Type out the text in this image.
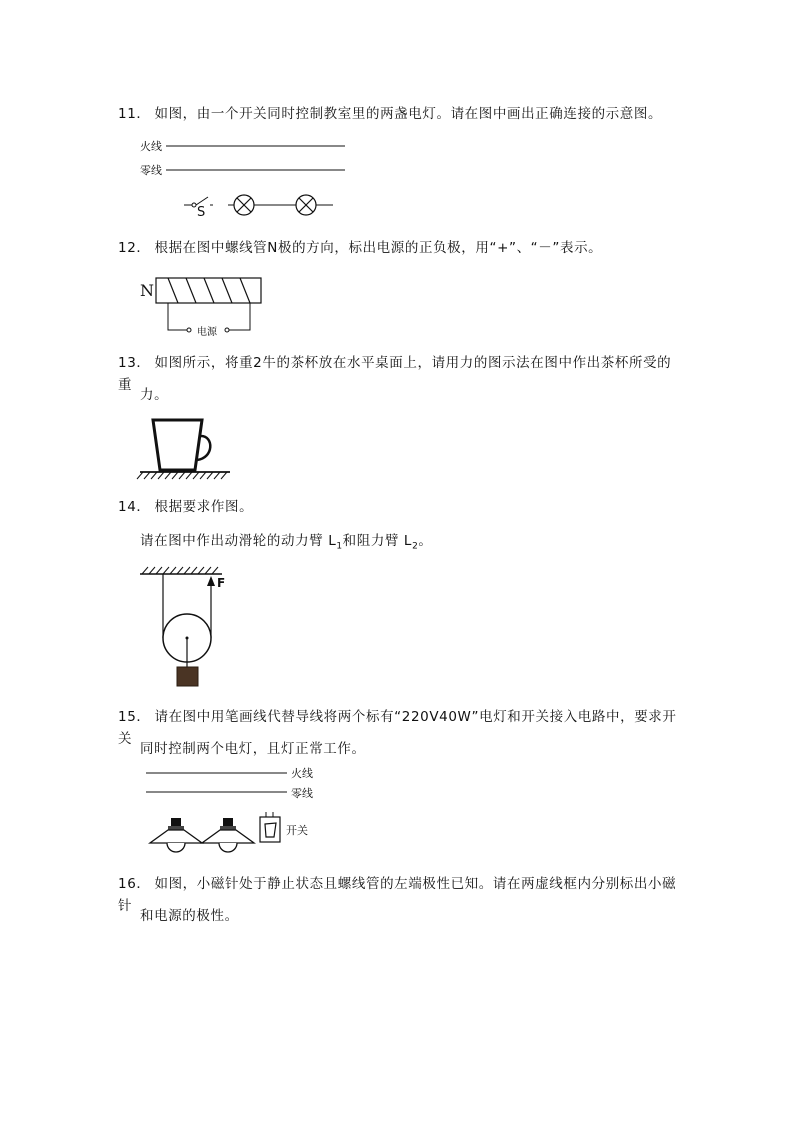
11． 如图，由一个开关同时控制教室里的两盏电灯。请在图中画出正确连接的示意图。
火线
零线
S
12． 根据在图中螺线管N极的方向，标出电源的正负极，用“+”、“－”表示。
N
电源
13． 如图所示，将重2牛的茶杯放在水平桌面上，请用力的图示法在图中作出茶杯所受的重
力。
14． 根据要求作图。
请在图中作出动滑轮的动力臂 $L_1$和阻力臂 $L_2$。
F
15． 请在图中用笔画线代替导线将两个标有“220V40W”电灯和开关接入电路中，要求开关
同时控制两个电灯，且灯正常工作。
火线
零线
开关
16． 如图，小磁针处于静止状态且螺线管的左端极性已知。请在两虚线框内分别标出小磁针
和电源的极性。
